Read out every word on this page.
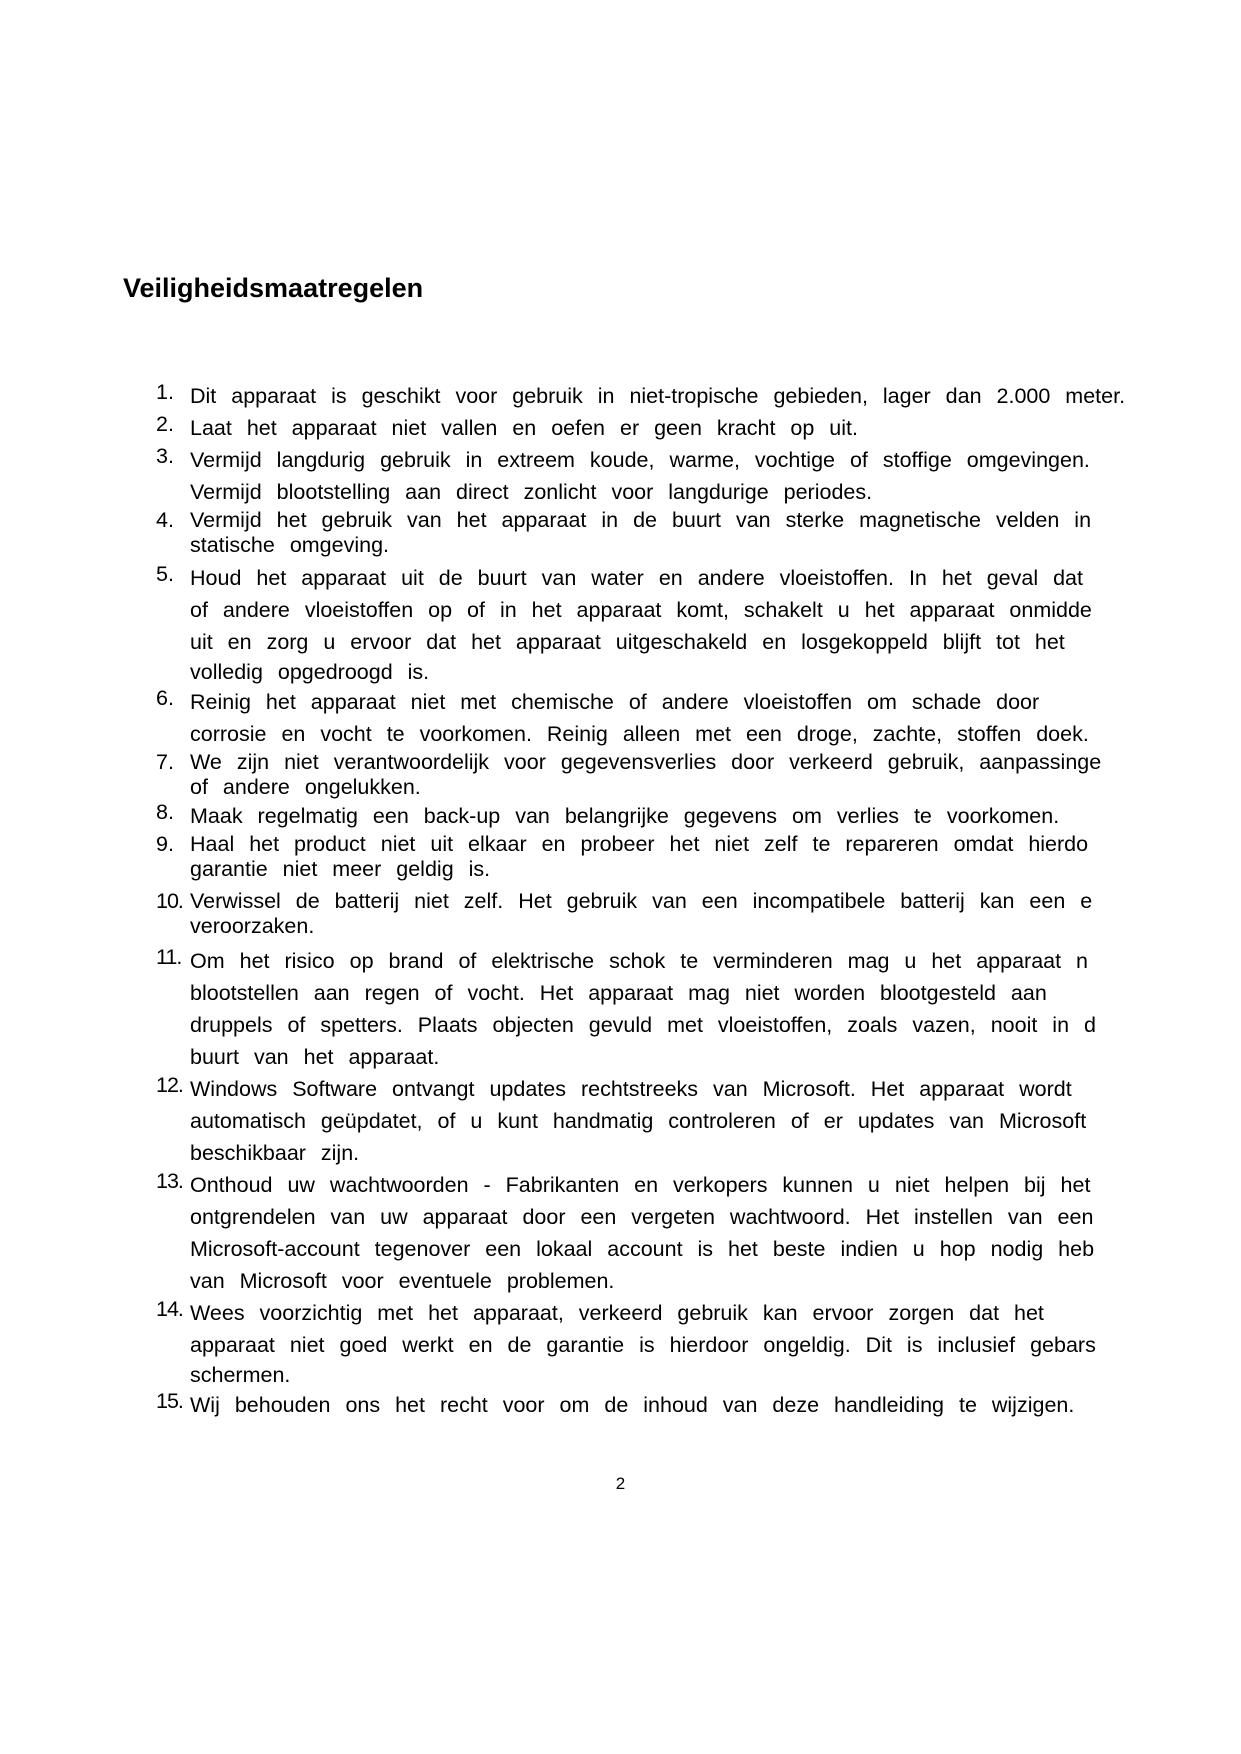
Veiligheidsmaatregelen
1. Dit apparaat is geschikt voor gebruik in niet-tropische gebieden, lager dan 2.000 meter.
2. Laat het apparaat niet vallen en oefen er geen kracht op uit.
3. Vermijd langdurig gebruik in extreem koude, warme, vochtige of stoffige omgevingen.
Vermijd blootstelling aan direct zonlicht voor langdurige periodes.
4. Vermijd het gebruik van het apparaat in de buurt van sterke magnetische velden in
statische omgeving.
5. Houd het apparaat uit de buurt van water en andere vloeistoffen. In het geval dat
of andere vloeistoffen op of in het apparaat komt, schakelt u het apparaat onmidde
uit en zorg u ervoor dat het apparaat uitgeschakeld en losgekoppeld blijft tot het
volledig opgedroogd is.
6. Reinig het apparaat niet met chemische of andere vloeistoffen om schade door
corrosie en vocht te voorkomen. Reinig alleen met een droge, zachte, stoffen doek.
7. We zijn niet verantwoordelijk voor gegevensverlies door verkeerd gebruik, aanpassinge
of andere ongelukken.
8. Maak regelmatig een back-up van belangrijke gegevens om verlies te voorkomen.
9. Haal het product niet uit elkaar en probeer het niet zelf te repareren omdat hierdo
garantie niet meer geldig is.
10. Verwissel de batterij niet zelf. Het gebruik van een incompatibele batterij kan een e
veroorzaken.
11. Om het risico op brand of elektrische schok te verminderen mag u het apparaat n
blootstellen aan regen of vocht. Het apparaat mag niet worden blootgesteld aan
druppels of spetters. Plaats objecten gevuld met vloeistoffen, zoals vazen, nooit in d
buurt van het apparaat.
12. Windows Software ontvangt updates rechtstreeks van Microsoft. Het apparaat wordt
automatisch geüpdatet, of u kunt handmatig controleren of er updates van Microsoft
beschikbaar zijn.
13. Onthoud uw wachtwoorden - Fabrikanten en verkopers kunnen u niet helpen bij het
ontgrendelen van uw apparaat door een vergeten wachtwoord. Het instellen van een
Microsoft-account tegenover een lokaal account is het beste indien u hop nodig heb
van Microsoft voor eventuele problemen.
14. Wees voorzichtig met het apparaat, verkeerd gebruik kan ervoor zorgen dat het
apparaat niet goed werkt en de garantie is hierdoor ongeldig. Dit is inclusief gebars
schermen.
15. Wij behouden ons het recht voor om de inhoud van deze handleiding te wijzigen.
2
